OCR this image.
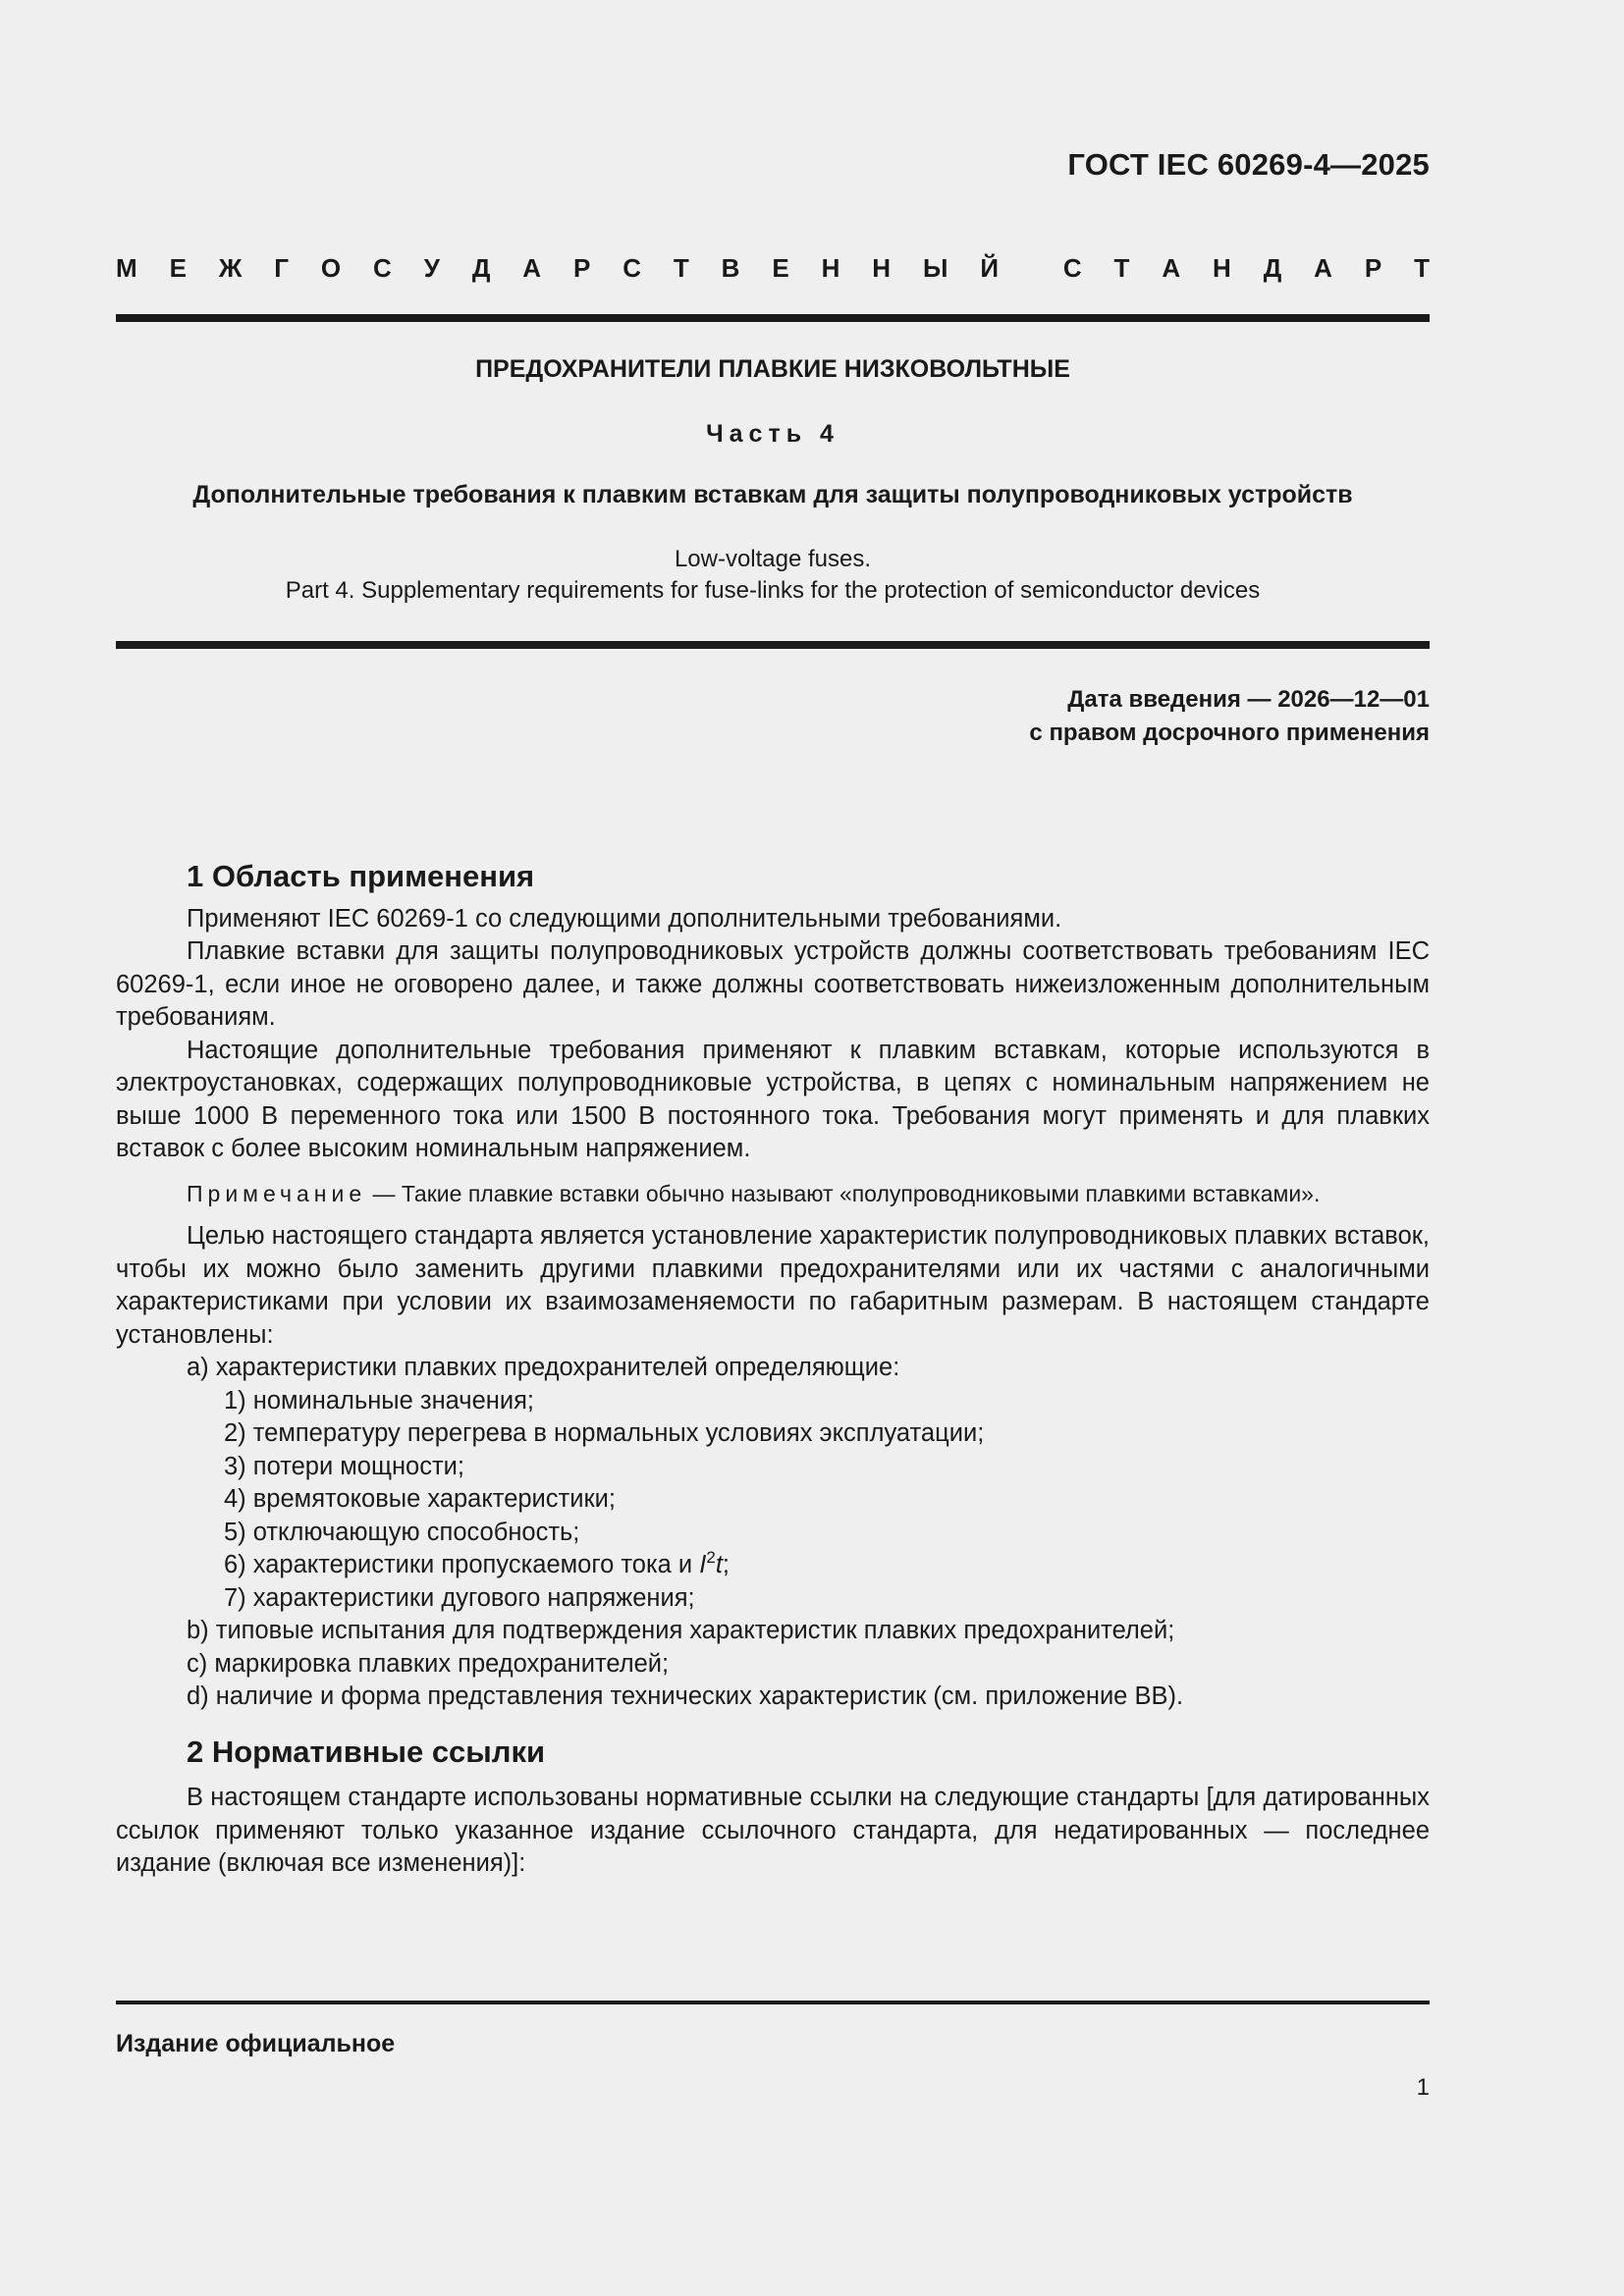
ГОСТ IEC 60269-4—2025
М Е Ж Г О С У Д А Р С Т В Е Н Н Ы Й	С Т А Н Д А Р Т
ПРЕДОХРАНИТЕЛИ ПЛАВКИЕ НИЗКОВОЛЬТНЫЕ
Часть 4
Дополнительные требования к плавким вставкам для защиты полупроводниковых устройств
Low-voltage fuses.
Part 4. Supplementary requirements for fuse-links for the protection of semiconductor devices
Дата введения — 2026—12—01
с правом досрочного применения

1 Область применения

Применяют IEC 60269-1 со следующими дополнительными требованиями.

Плавкие вставки для защиты полупроводниковых устройств должны соответствовать требованиям IEC 60269-1, если иное не оговорено далее, и также должны соответствовать нижеизложенным дополнительным требованиям.

Настоящие дополнительные требования применяют к плавким вставкам, которые используются в электроустановках, содержащих полупроводниковые устройства, в цепях с номинальным напряжением не выше 1000 В переменного тока или 1500 В постоянного тока. Требования могут применять и для плавких вставок с более высоким номинальным напряжением.

Примечание — Такие плавкие вставки обычно называют «полупроводниковыми плавкими вставками».

Целью настоящего стандарта является установление характеристик полупроводниковых плавких вставок, чтобы их можно было заменить другими плавкими предохранителями или их частями с аналогичными характеристиками при условии их взаимозаменяемости по габаритным размерам. В настоящем стандарте установлены:

a) характеристики плавких предохранителей определяющие:

1) номинальные значения;

2) температуру перегрева в нормальных условиях эксплуатации;

3) потери мощности;

4) времятоковые характеристики;

5) отключающую способность;

6) характеристики пропускаемого тока и $I^2t$;

7) характеристики дугового напряжения;

b) типовые испытания для подтверждения характеристик плавких предохранителей;

c) маркировка плавких предохранителей;

d) наличие и форма представления технических характеристик (см. приложение ВВ).

2 Нормативные ссылки

В настоящем стандарте использованы нормативные ссылки на следующие стандарты [для датированных ссылок применяют только указанное издание ссылочного стандарта, для недатированных — последнее издание (включая все изменения)]:

Издание официальное
1
